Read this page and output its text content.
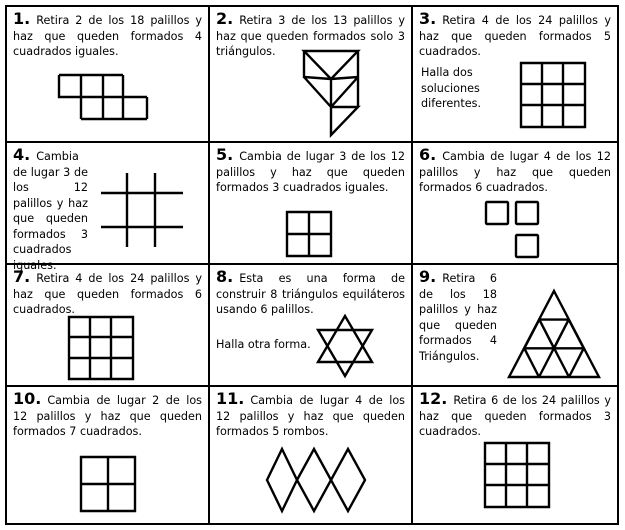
1. Retira 2 de los 18 palillos y haz que queden formados 4 cuadrados iguales.
2. Retira 3 de los 13 palillos y haz que queden formados solo 3 triángulos.
3. Retira 4 de los 24 palillos y haz que queden formados 5 cuadrados.
Halla dos soluciones diferentes.
4. Cambia de lugar 3 de los 12 palillos y haz que queden formados 3 cuadrados iguales.
5. Cambia de lugar 3 de los 12 palillos y haz que queden formados 3 cuadrados iguales.
6. Cambia de lugar 4 de los 12 palillos y haz que queden formados 6 cuadrados.
7. Retira 4 de los 24 palillos y haz que queden formados 6 cuadrados.
8. Esta es una forma de construir 8 triángulos equiláteros usando 6 palillos.
Halla otra forma.
9. Retira 6 de los 18 palillos y haz que queden formados 4 Triángulos.
10. Cambia de lugar 2 de los 12 palillos y haz que queden formados 7 cuadrados.
11. Cambia de lugar 4 de los 12 palillos y haz que queden formados 5 rombos.
12. Retira 6 de los 24 palillos y haz que queden formados 3 cuadrados.
